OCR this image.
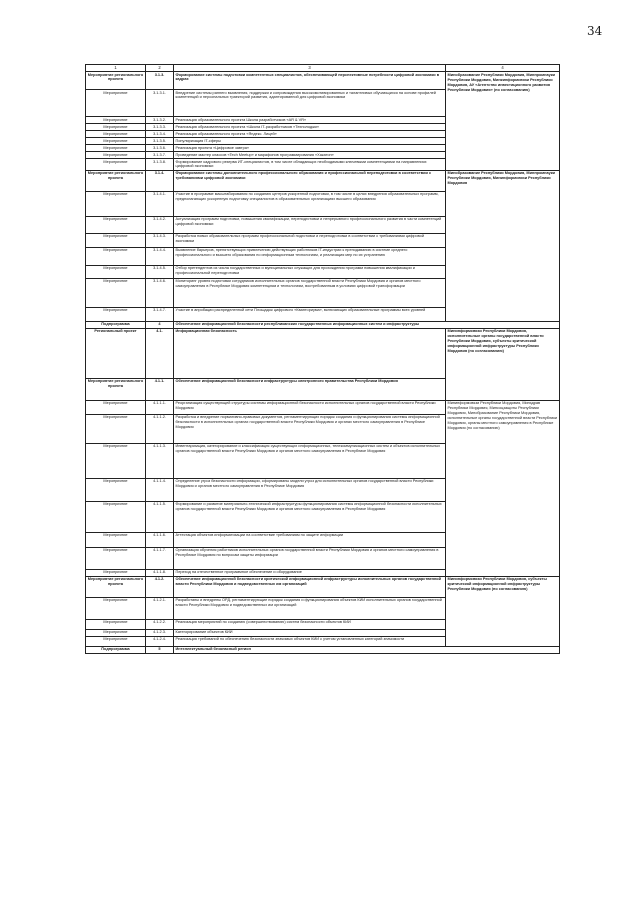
34
1	2	3	4
Мероприятие регионального проекта	3.1.3.	Формирование системы подготовки компетентных специалистов, обеспечивающей перспективные потребности цифровой экономики в кадрах	Минобразование Республики Мордовия, Минпромнауки Республики Мордовия, Минкинформсвязи Республики Мордовия, АУ «Агентство инвестиционного развития Республики Мордовия» (по согласованию)
Мероприятие	3.1.3.1.	Внедрение системы раннего выявления, поддержки и сопровождения высокомотивированных и талантливых обучающихся на основе профилей компетенций и персональных траекторий развития, адаптированной для цифровой экономики	
Мероприятие	3.1.3.2.	Реализация образовательного проекта Школа разработчиков «AR & VR»	
Мероприятие	3.1.3.3.	Реализация образовательного проекта «Школа IT-разработчиков «Технолоджи»	
Мероприятие	3.1.3.4.	Реализация образовательного проекта «Яндекс. Лицей»	
Мероприятие	3.1.3.5.	Популяризация IT-сферы	
Мероприятие	3.1.3.6.	Реализация проекта «Цифровое завтра»	
Мероприятие	3.1.3.7.	Проведение мастер классов «Tech Meetup» и марафонов программирования «Хакатон»	
Мероприятие	3.1.3.8.	Формирование кадрового резерва ИТ-специалистов, в том числе обладающих необходимыми ключевыми компетенциями на направлениях цифровой экономики	
Мероприятие регионального проекта	3.1.4.	Формирование системы дополнительного профессионального образования и профессиональной переподготовки в соответствии с требованиями цифровой экономики	Минобразование Республики Мордовия, Минпромнауки Республики Мордовия, Мининформсвязи Республики Мордовия
Мероприятие	3.1.4.1.	Участие в программе масштабирования по созданию центров ускоренной подготовки, в том числе в целях внедрения образовательных программ, предполагающих ускоренную подготовку специалистов в образовательных организациях высшего образования	
Мероприятие	3.1.4.2.	Актуализация программ подготовки, повышения квалификации, переподготовки и непрерывного профессионального развития в части компетенций цифровой экономики	
Мероприятие	3.1.4.3.	Разработка новых образовательных программ профессиональной подготовки и переподготовки в соответствии с требованиями цифровой экономики	
Мероприятие	3.1.4.4.	Выявление барьеров, препятствующих привлечению действующих работников IT-индустрии к преподаванию в системе среднего профессионального и высшего образования по информационным технологиям, и реализация мер по их устранению	
Мероприятие	3.1.4.5.	Отбор претендентов из числа государственных и муниципальных служащих для прохождения программ повышения квалификации и профессиональной переподготовки	
Мероприятие	3.1.4.6.	Мониторинг уровня подготовки сотрудников исполнительных органов государственной власти Республики Мордовия и органов местного самоуправления в Республике Мордовия компетенциям и технологиям, востребованным в условиях цифровой трансформации	
Мероприятие	3.1.4.7.	Участие в апробации распределенной сети Площадок цифрового «Кванториума», включающих образовательные программы всех уровней	
Подпрограмма	4	Обеспечение информационной безопасности республиканских государственных информационных систем и инфраструктуры	
Региональный проект	4.1.	Информационная безопасность	Мининформсвязи Республики Мордовия, исполнительные органы государственной власти Республики Мордовия, субъекты критической информационной инфраструктуры Республики Мордовия (по согласованию)
Мероприятие регионального проекта	4.1.1.	Обеспечение информационной безопасности инфраструктуры электронного правительства Республики Мордовия	
Мероприятие	4.1.1.1.	Реорганизация существующей структуры системы информационной безопасности исполнительных органов государственной власти Республики Мордовия	Мининформсвязи Республики Мордовия, Минздрав Республики Мордовия, Минсоцзащиты Республики Мордовия, Минобразование Республики Мордовия, исполнительные органы государственной власти Республики Мордовия, органы местного самоуправления в Республике Мордовия (по согласованию)
Мероприятие	4.1.1.2.	Разработка и внедрение нормативно-правовых документов, регламентирующих порядок создания и функционирования системы информационной безопасности в исполнительных органах государственной власти Республики Мордовия и органах местного самоуправления в Республике Мордовия	
Мероприятие	4.1.1.3.	Инвентаризация, категорирование и классификация существующих информационных, телекоммуникационных систем и объектов исполнительных органов государственной власти Республики Мордовия и органов местного самоуправления в Республике Мордовия	
Мероприятие	4.1.1.4.	Определение угроз безопасности информации, сформированы модели угроз для исполнительных органов государственной власти Республики Мордовия и органов местного самоуправления в Республике Мордовия	
Мероприятие	4.1.1.5.	Формирование и развитие материально-технической инфраструктуры функционирования системы информационной безопасности исполнительных органов государственной власти Республики Мордовия и органов местного самоуправления в Республике Мордовия	
Мероприятие	4.1.1.6.	Аттестация объектов информатизации на соответствие требованиям по защите информации	
Мероприятие	4.1.1.7.	Организация обучения работников исполнительных органов государственной власти Республики Мордовия и органов местного самоуправления в Республике Мордовия по вопросам защиты информации	
Мероприятие	4.1.1.8.	Переход на отечественное программное обеспечение и оборудование	
Мероприятие регионального проекта	4.1.2.	Обеспечение информационной безопасности критической информационной инфраструктуры исполнительных органов государственной власти Республики Мордовия и подведомственных им организаций	Мининформсвязи Республики Мордовия, субъекты критической информационной инфраструктуры Республики Мордовия (по согласованию)
Мероприятие	4.1.2.1.	Разработаны и внедрены ОРД, регламентирующие порядок создания и функционирования объектов КИИ исполнительных органов государственной власти Республики Мордовия и подведомственных им организаций	
Мероприятие	4.1.2.2.	Реализация мероприятий по созданию (совершенствованию) систем безопасности объектов КИИ	
Мероприятие	4.1.2.3.	Категорирование объектов КИИ	
Мероприятие	4.1.2.4.	Реализация требований по обеспечению безопасности значимых объектов КИИ с учетом установленных категорий значимости	
Подпрограмма	5	Интеллектуальный безопасный регион	
